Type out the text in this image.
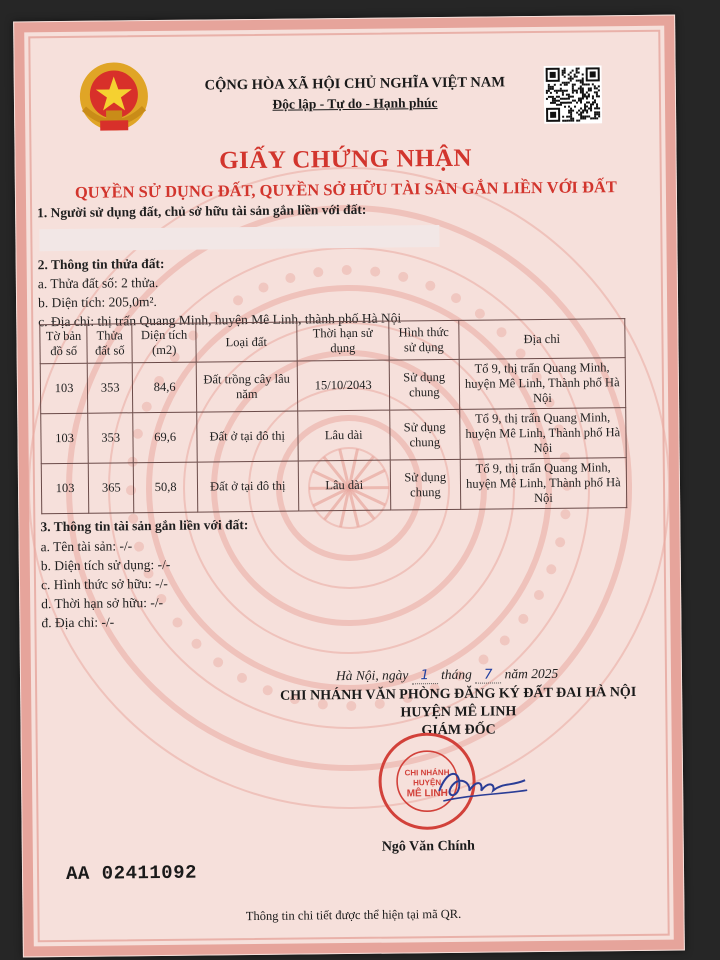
CỘNG HÒA XÃ HỘI CHỦ NGHĨA VIỆT NAM
Độc lập - Tự do - Hạnh phúc
GIẤY CHỨNG NHẬN
QUYỀN SỬ DỤNG ĐẤT, QUYỀN SỞ HỮU TÀI SẢN GẮN LIỀN VỚI ĐẤT
1. Người sử dụng đất, chủ sở hữu tài sản gắn liền với đất:
2. Thông tin thửa đất:
a. Thửa đất số: 2 thửa.
b. Diện tích: 205,0m².
c. Địa chỉ: thị trấn Quang Minh, huyện Mê Linh, thành phố Hà Nội
Tờ bản đồ số	Thửa đất số	Diện tích (m2)	Loại đất	Thời hạn sử dụng	Hình thức sử dụng	Địa chỉ
103	353	84,6	Đất trồng cây lâu năm	15/10/2043	Sử dụng chung	Tổ 9, thị trấn Quang Minh, huyện Mê Linh, Thành phố Hà Nội
103	353	69,6	Đất ở tại đô thị	Lâu dài	Sử dụng chung	Tổ 9, thị trấn Quang Minh, huyện Mê Linh, Thành phố Hà Nội
103	365	50,8	Đất ở tại đô thị	Lâu dài	Sử dụng chung	Tổ 9, thị trấn Quang Minh, huyện Mê Linh, Thành phố Hà Nội
3. Thông tin tài sản gắn liền với đất:
a. Tên tài sản: -/-
b. Diện tích sử dụng: -/-
c. Hình thức sở hữu: -/-
d. Thời hạn sở hữu: -/-
đ. Địa chỉ: -/-
Hà Nội, ngày 1 tháng 7 năm 2025
CHI NHÁNH VĂN PHÒNG ĐĂNG KÝ ĐẤT ĐAI HÀ NỘI
HUYỆN MÊ LINH
GIÁM ĐỐC
CHI NHÁNH
HUYỆN
MÊ LINH
Ngô Văn Chính
AA 02411092
Thông tin chi tiết được thể hiện tại mã QR.
